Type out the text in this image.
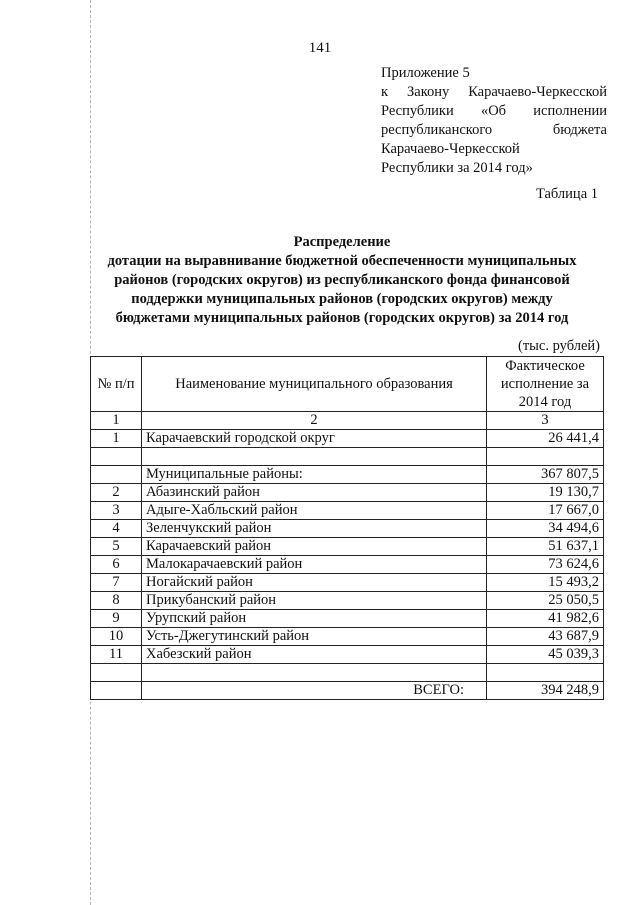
141
Приложение 5
к Закону Карачаево-Черкесской
Республики «Об исполнении
республиканского бюджета
Карачаево-Черкесской
Республики за 2014 год»
Таблица 1
Распределение
дотации на выравнивание бюджетной обеспеченности муниципальных
районов (городских округов) из республиканского фонда финансовой
поддержки муниципальных районов (городских округов) между
бюджетами муниципальных районов (городских округов) за 2014 год
(тыс. рублей)
№ п/п	Наименование муниципального образования	Фактическое исполнение за 2014 год
1	2	3
1	Карачаевский городской округ	26 441,4

	Муниципальные районы:	367 807,5
2	Абазинский район	19 130,7
3	Адыге-Хабльский район	17 667,0
4	Зеленчукский район	34 494,6
5	Карачаевский район	51 637,1
6	Малокарачаевский район	73 624,6
7	Ногайский район	15 493,2
8	Прикубанский район	25 050,5
9	Урупский район	41 982,6
10	Усть-Джегутинский район	43 687,9
11	Хабезский район	45 039,3

	ВСЕГО:	394 248,9
